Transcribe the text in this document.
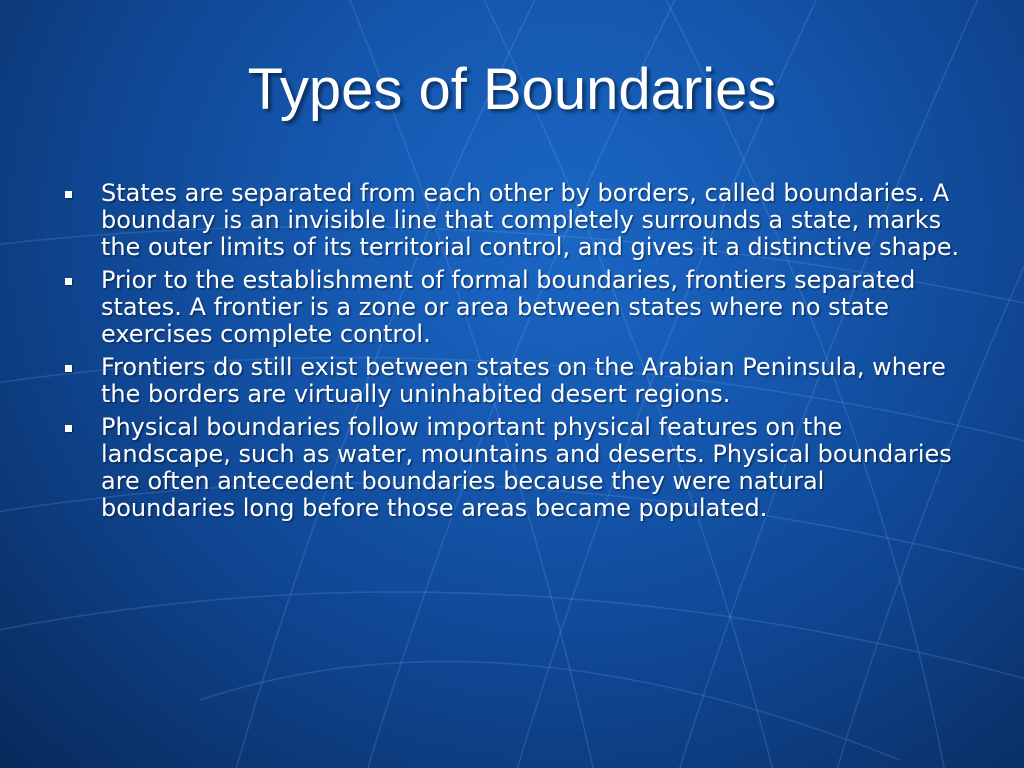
Types of Boundaries
States are separated from each other by borders, called boundaries. A boundary is an invisible line that completely surrounds a state, marks the outer limits of its territorial control, and gives it a distinctive shape.
Prior to the establishment of formal boundaries, frontiers separated states. A frontier is a zone or area between states where no state exercises complete control.
Frontiers do still exist between states on the Arabian Peninsula, where the borders are virtually uninhabited desert regions.
Physical boundaries follow important physical features on the landscape, such as water, mountains and deserts. Physical boundaries are often antecedent boundaries because they were natural boundaries long before those areas became populated.
